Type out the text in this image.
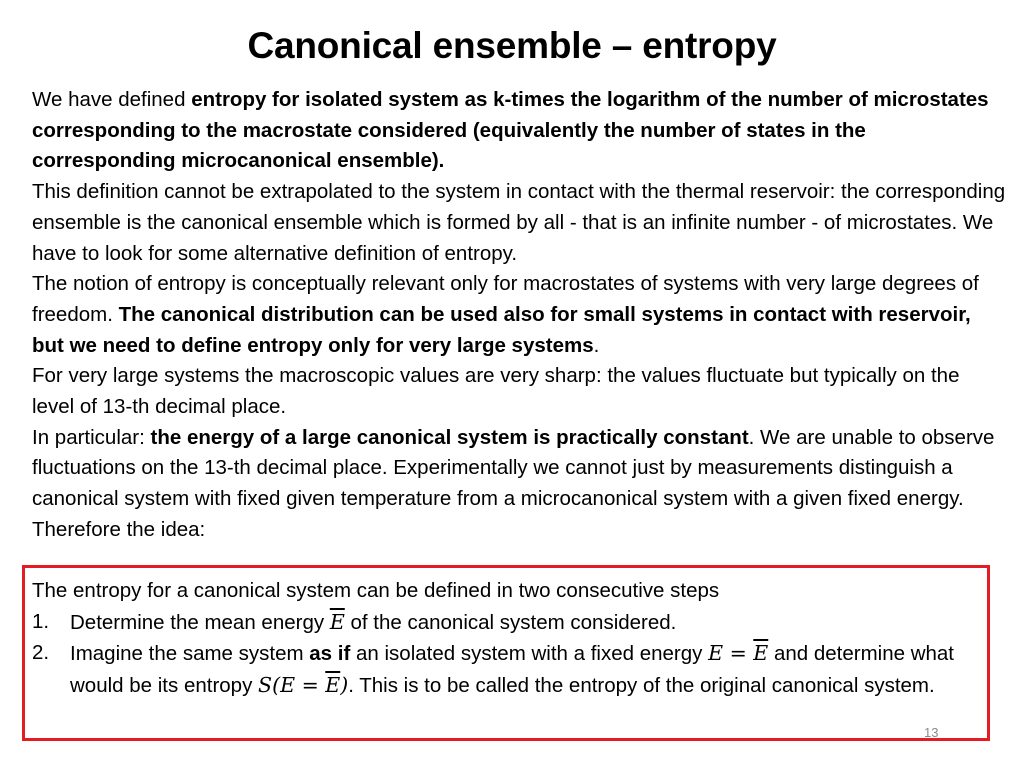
Canonical ensemble – entropy

We have defined entropy for isolated system as k-times the logarithm of the number of microstates corresponding to the macrostate considered (equivalently the number of states in the corresponding microcanonical ensemble).

This definition cannot be extrapolated to the system in contact with the thermal reservoir: the corresponding ensemble is the canonical ensemble which is formed by all - that is an infinite number - of microstates. We have to look for some alternative definition of entropy.

The notion of entropy is conceptually relevant only for macrostates of systems with very large degrees of freedom. The canonical distribution can be used also for small systems in contact with reservoir, but we need to define entropy only for very large systems.

For very large systems the macroscopic values are very sharp: the values fluctuate but typically on the level of 13-th decimal place.

In particular: the energy of a large canonical system is practically constant. We are unable to observe fluctuations on the 13-th decimal place. Experimentally we cannot just by measurements distinguish a canonical system with fixed given temperature from a microcanonical system with a given fixed energy. Therefore the idea:

The entropy for a canonical system can be defined in two consecutive steps
1.	Determine the mean energy $\overline{E}$ of the canonical system considered.
2.	Imagine the same system as if an isolated system with a fixed energy $E = \overline{E}$ and determine what would be its entropy $S(E = \overline{E})$. This is to be called the entropy of the original canonical system.
13
